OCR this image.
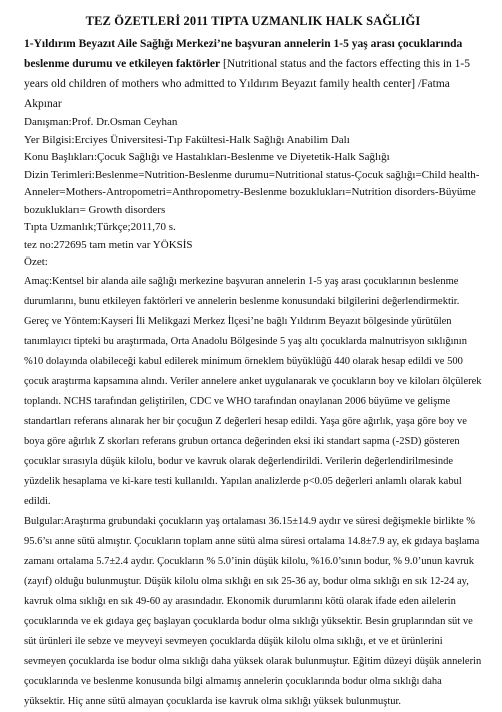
TEZ ÖZETLERİ 2011 TIPTA UZMANLIK HALK SAĞLIĞI

1-Yıldırım Beyazıt Aile Sağlığı Merkezi’ne başvuran annelerin 1-5 yaş arası çocuklarında beslenme durumu ve etkileyen faktörler [Nutritional status and the factors effecting this in 1-5 years old children of mothers who admitted to Yıldırım Beyazıt family health center] /Fatma Akpınar

Danışman:Prof. Dr.Osman Ceyhan

Yer Bilgisi:Erciyes Üniversitesi-Tıp Fakültesi-Halk Sağlığı Anabilim Dalı

Konu Başlıkları:Çocuk Sağlığı ve Hastalıkları-Beslenme ve Diyetetik-Halk Sağlığı

Dizin Terimleri:Beslenme=Nutrition-Beslenme durumu=Nutritional status-Çocuk sağlığı=Child health-Anneler=Mothers-Antropometri=Anthropometry-Beslenme bozuklukları=Nutrition disorders-Büyüme bozuklukları= Growth disorders

Tıpta Uzmanlık;Türkçe;2011,70 s.

tez no:272695 tam metin var YÖKSİS

Özet:

Amaç:Kentsel bir alanda aile sağlığı merkezine başvuran annelerin 1-5 yaş arası çocuklarının beslenme durumlarını, bunu etkileyen faktörleri ve annelerin beslenme konusundaki bilgilerini değerlendirmektir.

Gereç ve Yöntem:Kayseri İli Melikgazi Merkez İlçesi’ne bağlı Yıldırım Beyazıt bölgesinde yürütülen tanımlayıcı tipteki bu araştırmada, Orta Anadolu Bölgesinde 5 yaş altı çocuklarda malnutrisyon sıklığının %10 dolayında olabileceği kabul edilerek minimum örneklem büyüklüğü 440 olarak hesap edildi ve 500 çocuk araştırma kapsamına alındı. Veriler annelere anket uygulanarak ve çocukların boy ve kiloları ölçülerek toplandı. NCHS tarafından geliştirilen, CDC ve WHO tarafından onaylanan 2006 büyüme ve gelişme standartları referans alınarak her bir çocuğun Z değerleri hesap edildi. Yaşa göre ağırlık, yaşa göre boy ve boya göre ağırlık Z skorları referans grubun ortanca değerinden eksi iki standart sapma (-2SD) gösteren çocuklar sırasıyla düşük kilolu, bodur ve kavruk olarak değerlendirildi. Verilerin değerlendirilmesinde yüzdelik hesaplama ve ki-kare testi kullanıldı. Yapılan analizlerde p<0.05 değerleri anlamlı olarak kabul edildi.

Bulgular:Araştırma grubundaki çocukların yaş ortalaması 36.15±14.9 aydır ve süresi değişmekle birlikte % 95.6’sı anne sütü almıştır. Çocukların toplam anne sütü alma süresi ortalama 14.8±7.9 ay, ek gıdaya başlama zamanı ortalama 5.7±2.4 aydır. Çocukların % 5.0’inin düşük kilolu, %16.0’sının bodur, % 9.0’unun kavruk (zayıf) olduğu bulunmuştur. Düşük kilolu olma sıklığı en sık 25-36 ay, bodur olma sıklığı en sık 12-24 ay, kavruk olma sıklığı en sık 49-60 ay arasındadır. Ekonomik durumlarını kötü olarak ifade eden ailelerin çocuklarında ve ek gıdaya geç başlayan çocuklarda bodur olma sıklığı yüksektir. Besin gruplarından süt ve süt ürünleri ile sebze ve meyveyi sevmeyen çocuklarda düşük kilolu olma sıklığı, et ve et ürünlerini sevmeyen çocuklarda ise bodur olma sıklığı daha yüksek olarak bulunmuştur. Eğitim düzeyi düşük annelerin çocuklarında ve beslenme konusunda bilgi almamış annelerin çocuklarında bodur olma sıklığı daha yüksektir. Hiç anne sütü almayan çocuklarda ise kavruk olma sıklığı yüksek bulunmuştur.
